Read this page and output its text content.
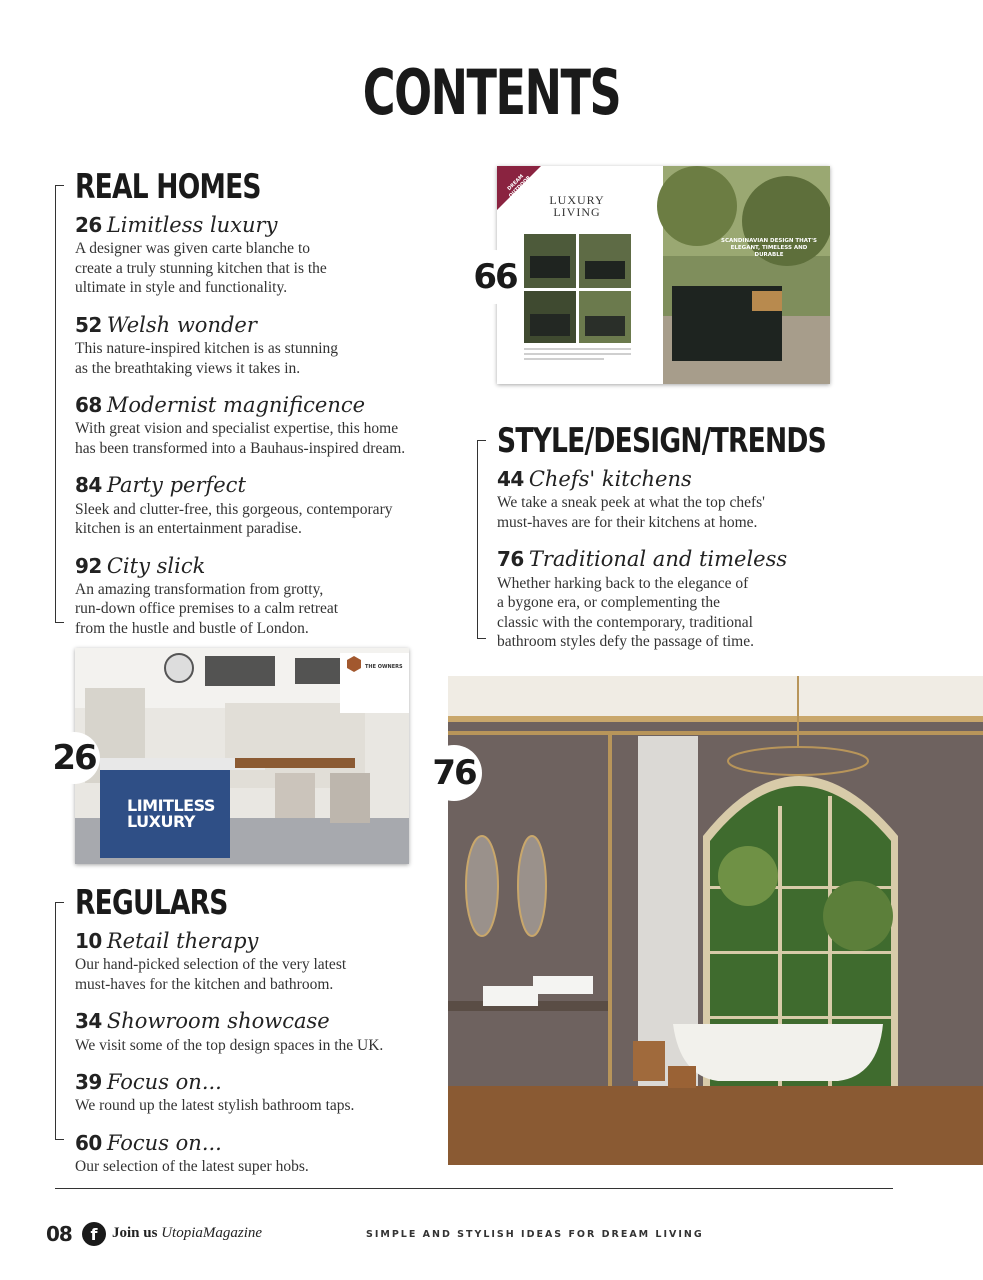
CONTENTS
REAL HOMES

26 Limitless luxury

A designer was given carte blanche to create a truly stunning kitchen that is the ultimate in style and functionality.

52 Welsh wonder

This nature-inspired kitchen is as stunning as the breathtaking views it takes in.

68 Modernist magnificence

With great vision and specialist expertise, this home has been transformed into a Bauhaus-inspired dream.

84 Party perfect

Sleek and clutter-free, this gorgeous, contemporary kitchen is an entertainment paradise.

92 City slick

An amazing transformation from grotty, run-down office premises to a calm retreat from the hustle and bustle of London.

STYLE/DESIGN/TRENDS

44 Chefs' kitchens

We take a sneak peek at what the top chefs' must-haves are for their kitchens at home.

76 Traditional and timeless

Whether harking back to the elegance of a bygone era, or complementing the classic with the contemporary, traditional bathroom styles defy the passage of time.

REGULARS

10 Retail therapy

Our hand-picked selection of the very latest must-haves for the kitchen and bathroom.

34 Showroom showcase

We visit some of the top design spaces in the UK.

39 Focus on...

We round up the latest stylish bathroom taps.

60 Focus on...

Our selection of the latest super hobs.

DREAM OUTDOOR KITCHEN	LUXURY LIVING
SCANDINAVIAN DESIGN THAT'S ELEGANT, TIMELESS AND DURABLE
66
THE OWNERS
LIMITLESS
LUXURY
26	76
08	f Join us UtopiaMagazine	SIMPLE AND STYLISH IDEAS FOR DREAM LIVING
